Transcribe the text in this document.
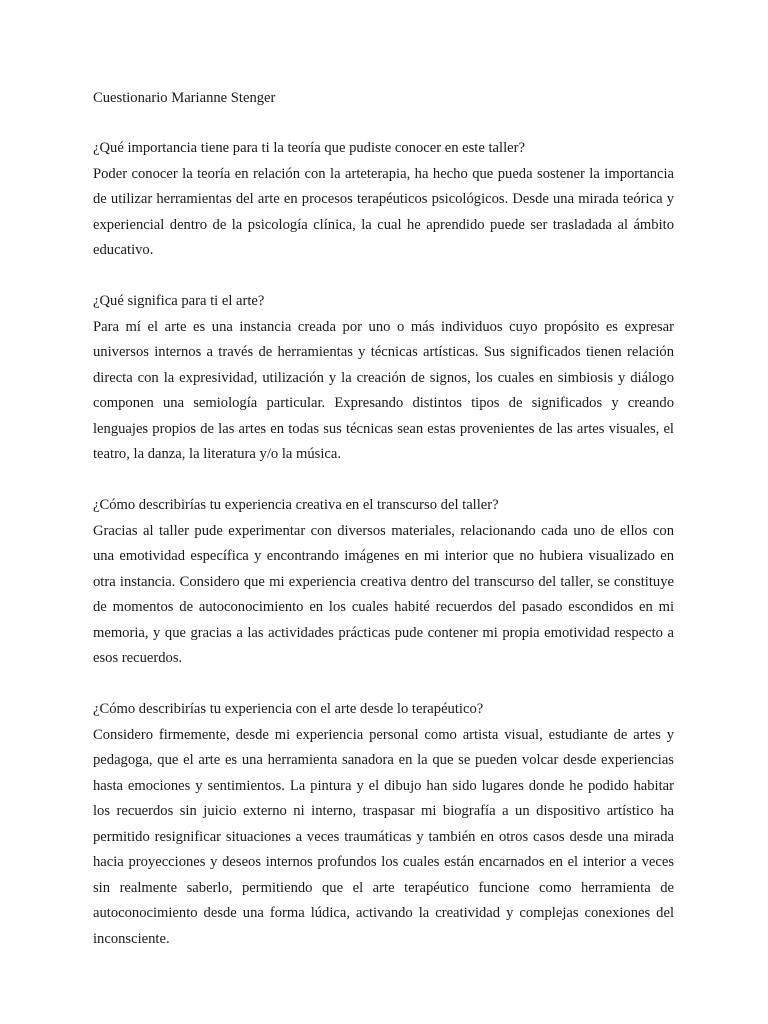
Cuestionario Marianne Stenger

¿Qué importancia tiene para ti la teoría que pudiste conocer en este taller?

Poder conocer la teoría en relación con la arteterapia, ha hecho que pueda sostener la importancia de utilizar herramientas del arte en procesos terapéuticos psicológicos. Desde una mirada teórica y experiencial dentro de la psicología clínica, la cual he aprendido puede ser trasladada al ámbito educativo.

¿Qué significa para ti el arte?

Para mí el arte es una instancia creada por uno o más individuos cuyo propósito es expresar universos internos a través de herramientas y técnicas artísticas. Sus significados tienen relación directa con la expresividad, utilización y la creación de signos, los cuales en simbiosis y diálogo componen una semiología particular. Expresando distintos tipos de significados y creando lenguajes propios de las artes en todas sus técnicas sean estas provenientes de las artes visuales, el teatro, la danza, la literatura y/o la música.

¿Cómo describirías tu experiencia creativa en el transcurso del taller?

Gracias al taller pude experimentar con diversos materiales, relacionando cada uno de ellos con una emotividad específica y encontrando imágenes en mi interior que no hubiera visualizado en otra instancia. Considero que mi experiencia creativa dentro del transcurso del taller, se constituye de momentos de autoconocimiento en los cuales habité recuerdos del pasado escondidos en mi memoria, y que gracias a las actividades prácticas pude contener mi propia emotividad respecto a esos recuerdos.

¿Cómo describirías tu experiencia con el arte desde lo terapéutico?

Considero firmemente, desde mi experiencia personal como artista visual, estudiante de artes y pedagoga, que el arte es una herramienta sanadora en la que se pueden volcar desde experiencias hasta emociones y sentimientos. La pintura y el dibujo han sido lugares donde he podido habitar los recuerdos sin juicio externo ni interno, traspasar mi biografía a un dispositivo artístico ha permitido resignificar situaciones a veces traumáticas y también en otros casos desde una mirada hacia proyecciones y deseos internos profundos los cuales están encarnados en el interior a veces sin realmente saberlo, permitiendo que el arte terapéutico funcione como herramienta de autoconocimiento desde una forma lúdica, activando la creatividad y complejas conexiones del inconsciente.
